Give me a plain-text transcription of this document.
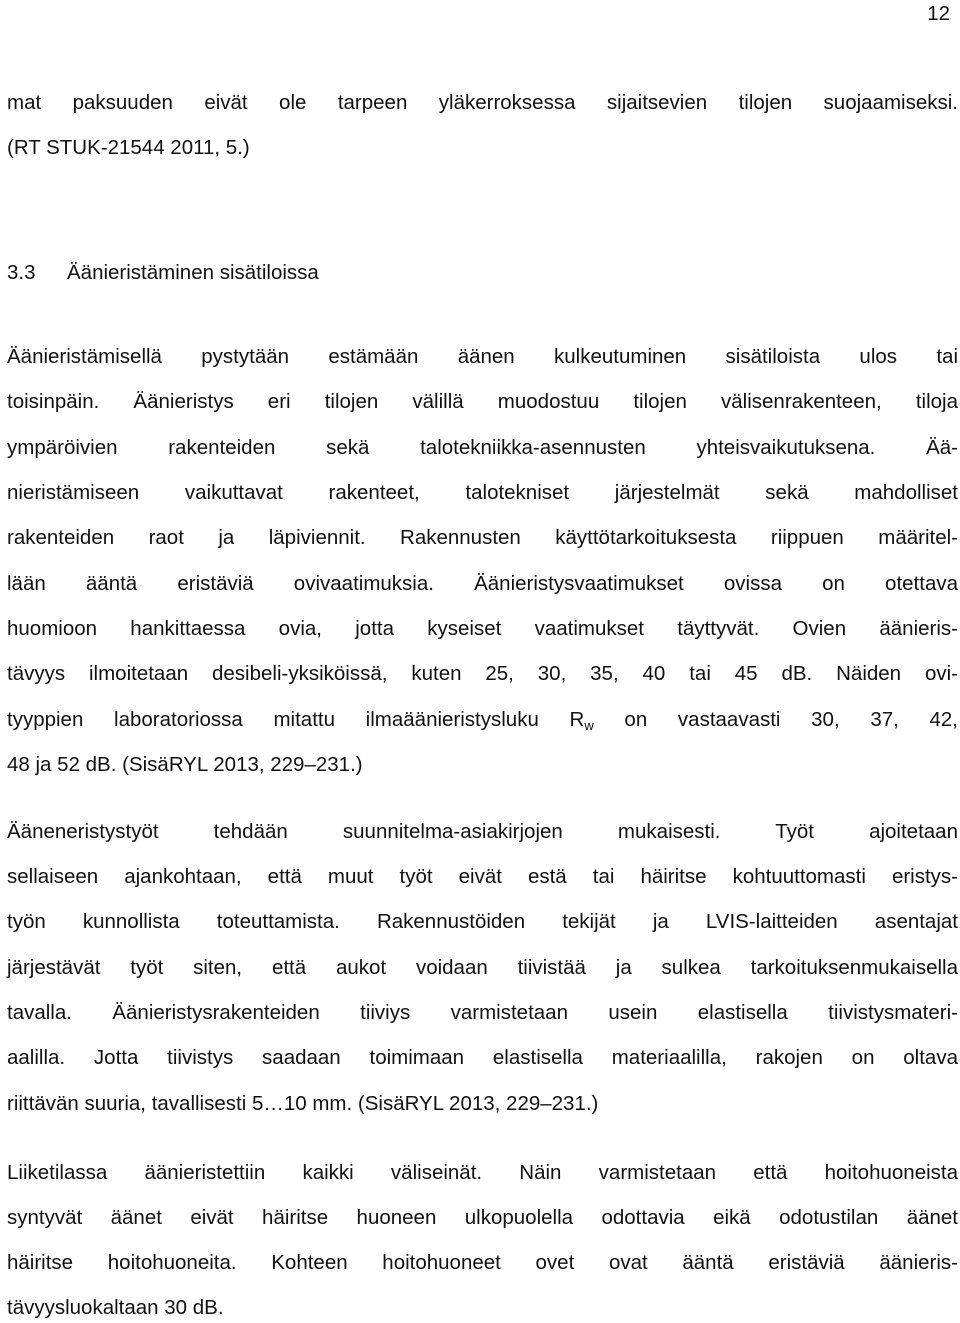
12
mat paksuuden eivät ole tarpeen yläkerroksessa sijaitsevien tilojen suojaamiseksi.
(RT STUK-21544 2011, 5.)
3.3 Äänieristäminen sisätiloissa
Äänieristämisellä pystytään estämään äänen kulkeutuminen sisätiloista ulos tai
toisinpäin. Äänieristys eri tilojen välillä muodostuu tilojen välisenrakenteen, tiloja
ympäröivien rakenteiden sekä talotekniikka-asennusten yhteisvaikutuksena. Ää-
nieristämiseen vaikuttavat rakenteet, talotekniset järjestelmät sekä mahdolliset
rakenteiden raot ja läpiviennit. Rakennusten käyttötarkoituksesta riippuen määritel-
lään ääntä eristäviä ovivaatimuksia. Äänieristysvaatimukset ovissa on otettava
huomioon hankittaessa ovia, jotta kyseiset vaatimukset täyttyvät. Ovien äänieris-
tävyys ilmoitetaan desibeli-yksiköissä, kuten 25, 30, 35, 40 tai 45 dB. Näiden ovi-
tyyppien laboratoriossa mitattu ilmaäänieristysluku $R_w$ on vastaavasti 30, 37, 42,
48 ja 52 dB. (SisäRYL 2013, 229–231.)
Ääneneristystyöt tehdään suunnitelma-asiakirjojen mukaisesti. Työt ajoitetaan
sellaiseen ajankohtaan, että muut työt eivät estä tai häiritse kohtuuttomasti eristys-
työn kunnollista toteuttamista. Rakennustöiden tekijät ja LVIS-laitteiden asentajat
järjestävät työt siten, että aukot voidaan tiivistää ja sulkea tarkoituksenmukaisella
tavalla. Äänieristysrakenteiden tiiviys varmistetaan usein elastisella tiivistysmateri-
aalilla. Jotta tiivistys saadaan toimimaan elastisella materiaalilla, rakojen on oltava
riittävän suuria, tavallisesti 5…10 mm. (SisäRYL 2013, 229–231.)
Liiketilassa äänieristettiin kaikki väliseinät. Näin varmistetaan että hoitohuoneista
syntyvät äänet eivät häiritse huoneen ulkopuolella odottavia eikä odotustilan äänet
häiritse hoitohuoneita. Kohteen hoitohuoneet ovet ovat ääntä eristäviä äänieris-
tävyysluokaltaan 30 dB.
